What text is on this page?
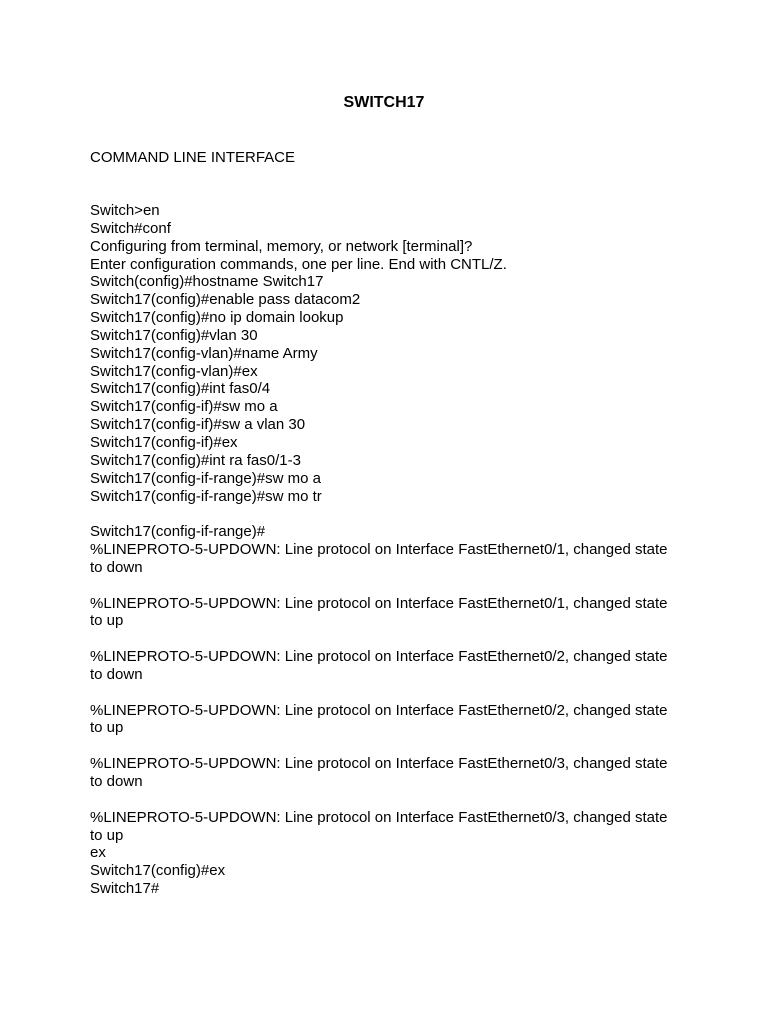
SWITCH17

COMMAND LINE INTERFACE

Switch>en

Switch#conf

Configuring from terminal, memory, or network [terminal]?

Enter configuration commands, one per line. End with CNTL/Z.

Switch(config)#hostname Switch17

Switch17(config)#enable pass datacom2

Switch17(config)#no ip domain lookup

Switch17(config)#vlan 30

Switch17(config-vlan)#name Army

Switch17(config-vlan)#ex

Switch17(config)#int fas0/4

Switch17(config-if)#sw mo a

Switch17(config-if)#sw a vlan 30

Switch17(config-if)#ex

Switch17(config)#int ra fas0/1-3

Switch17(config-if-range)#sw mo a

Switch17(config-if-range)#sw mo tr

Switch17(config-if-range)#

%LINEPROTO-5-UPDOWN: Line protocol on Interface FastEthernet0/1, changed state

to down

%LINEPROTO-5-UPDOWN: Line protocol on Interface FastEthernet0/1, changed state

to up

%LINEPROTO-5-UPDOWN: Line protocol on Interface FastEthernet0/2, changed state

to down

%LINEPROTO-5-UPDOWN: Line protocol on Interface FastEthernet0/2, changed state

to up

%LINEPROTO-5-UPDOWN: Line protocol on Interface FastEthernet0/3, changed state

to down

%LINEPROTO-5-UPDOWN: Line protocol on Interface FastEthernet0/3, changed state

to up

ex

Switch17(config)#ex

Switch17#
